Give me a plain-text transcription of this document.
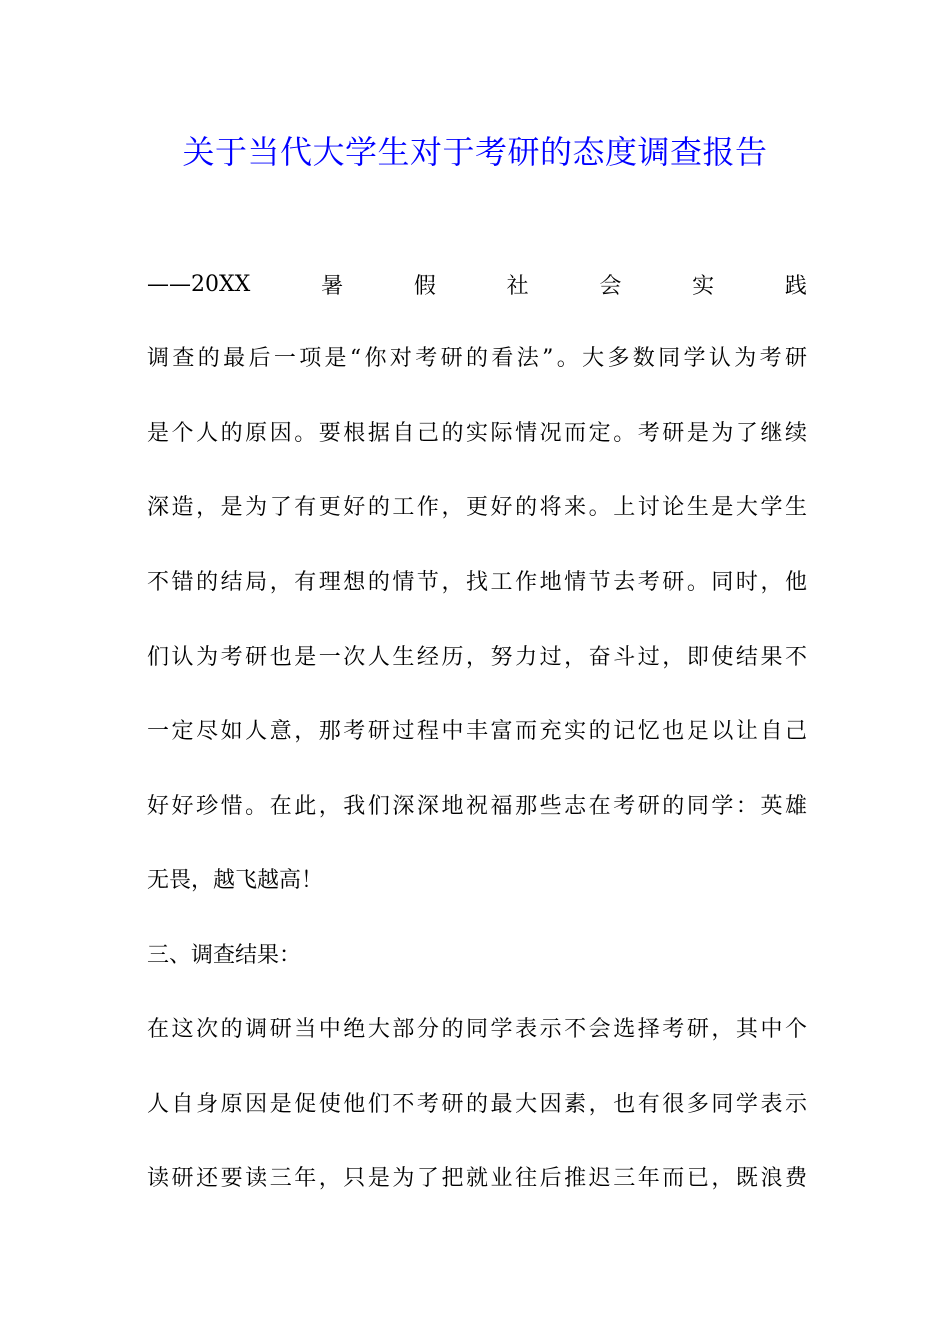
关于当代大学生对于考研的态度调查报告
——20XX	暑	假	社	会	实	践
调查的最后一项是“你对考研的看法”。大多数同学认为考研
是个人的原因。要根据自己的实际情况而定。考研是为了继续
深造，是为了有更好的工作，更好的将来。上讨论生是大学生
不错的结局，有理想的情节，找工作地情节去考研。同时，他
们认为考研也是一次人生经历，努力过，奋斗过，即使结果不
一定尽如人意，那考研过程中丰富而充实的记忆也足以让自己
好好珍惜。在此，我们深深地祝福那些志在考研的同学：英雄
无畏，越飞越高！
三、调查结果：
在这次的调研当中绝大部分的同学表示不会选择考研，其中个
人自身原因是促使他们不考研的最大因素，也有很多同学表示
读研还要读三年，只是为了把就业往后推迟三年而已，既浪费
